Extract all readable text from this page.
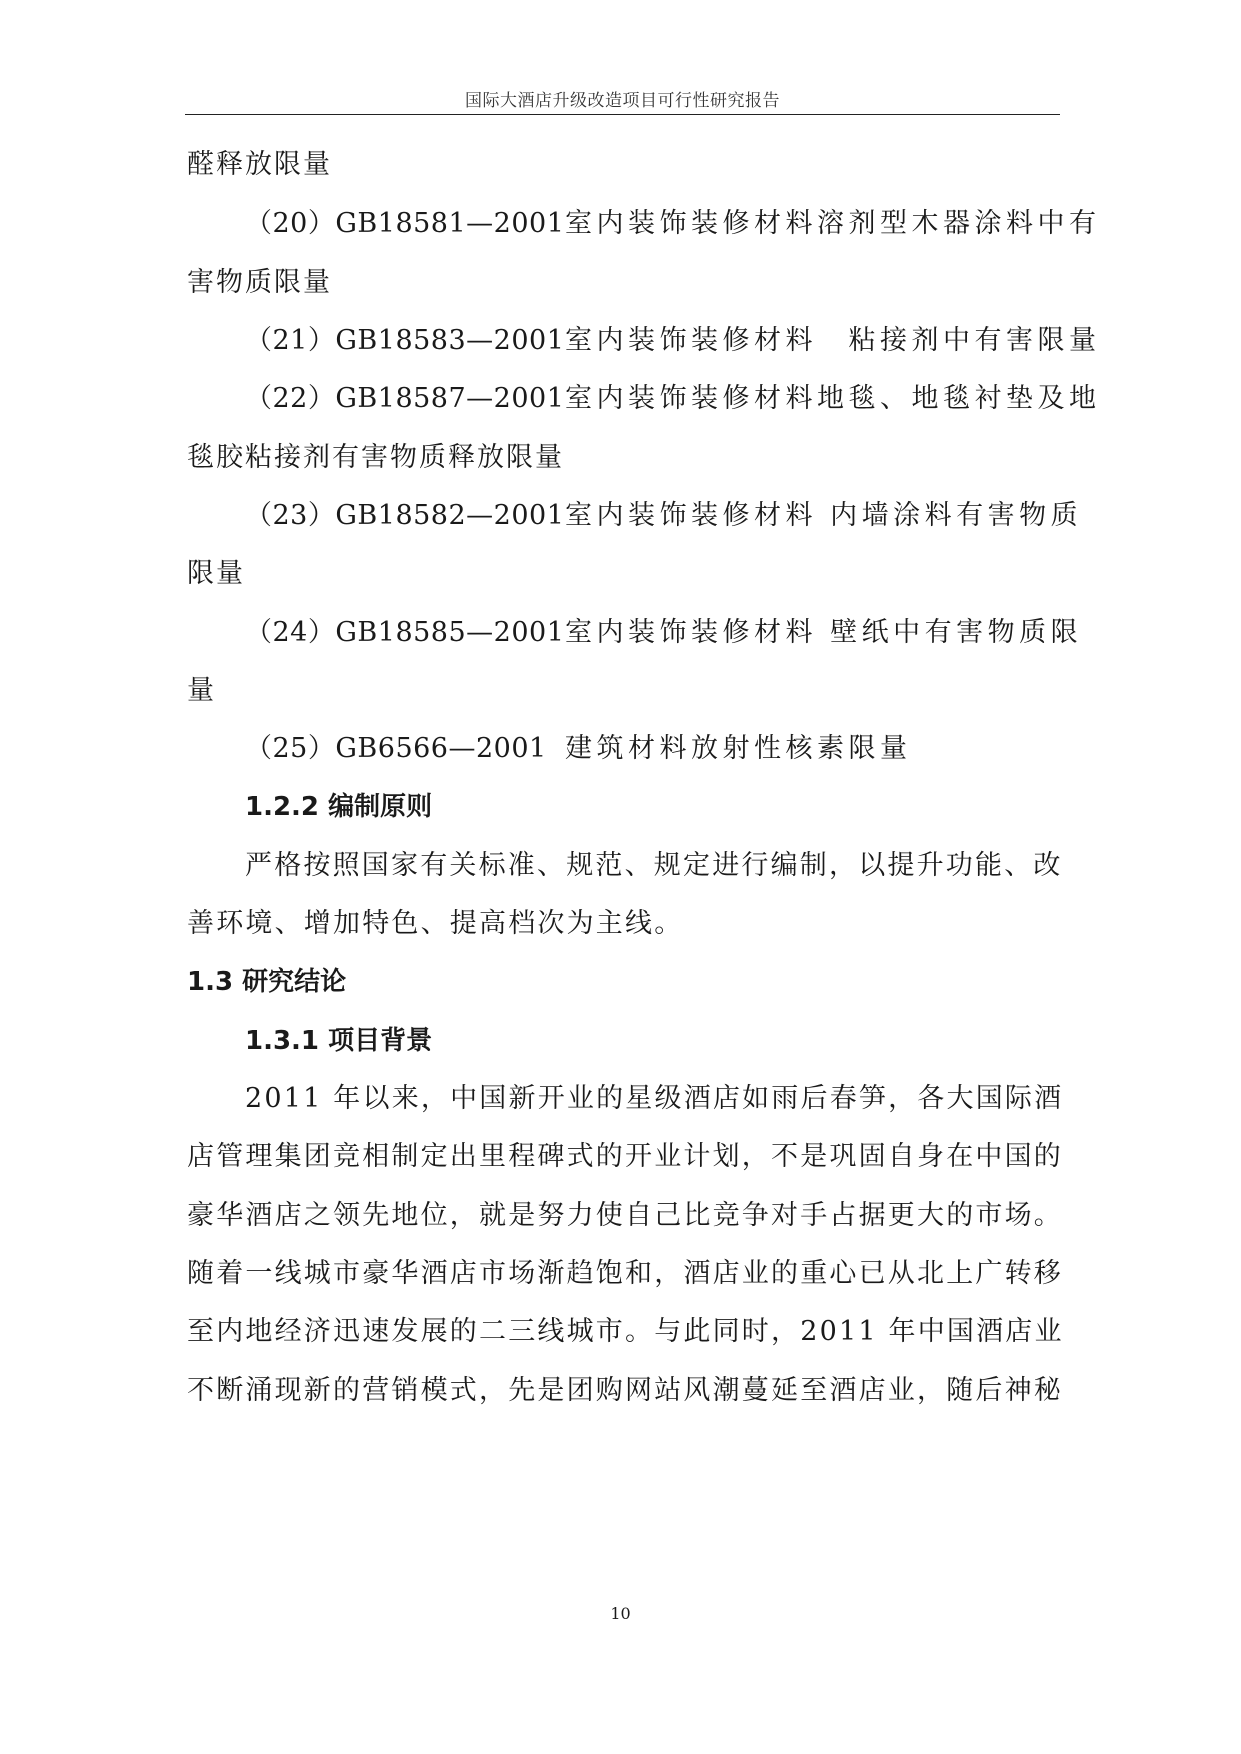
国际大酒店升级改造项目可行性研究报告
醛释放限量
（20）GB18581—2001 室内装饰装修材料溶剂型木器涂料中有
害物质限量
（21）GB18583—2001 室内装饰装修材料　粘接剂中有害限量
（22）GB18587—2001 室内装饰装修材料地毯、地毯衬垫及地
毯胶粘接剂有害物质释放限量
（23）GB18582—2001 室内装饰装修材料 内墙涂料有害物质
限量
（24）GB18585—2001 室内装饰装修材料 壁纸中有害物质限
量
（25）GB6566—2001 建筑材料放射性核素限量
1.2.2 编制原则
严格按照国家有关标准、规范、规定进行编制，以提升功能、改
善环境、增加特色、提高档次为主线。
1.3 研究结论
1.3.1 项目背景
2011 年以来，中国新开业的星级酒店如雨后春笋，各大国际酒
店管理集团竞相制定出里程碑式的开业计划，不是巩固自身在中国的
豪华酒店之领先地位，就是努力使自己比竞争对手占据更大的市场。
随着一线城市豪华酒店市场渐趋饱和，酒店业的重心已从北上广转移
至内地经济迅速发展的二三线城市。与此同时，2011 年中国酒店业
不断涌现新的营销模式，先是团购网站风潮蔓延至酒店业，随后神秘
10
